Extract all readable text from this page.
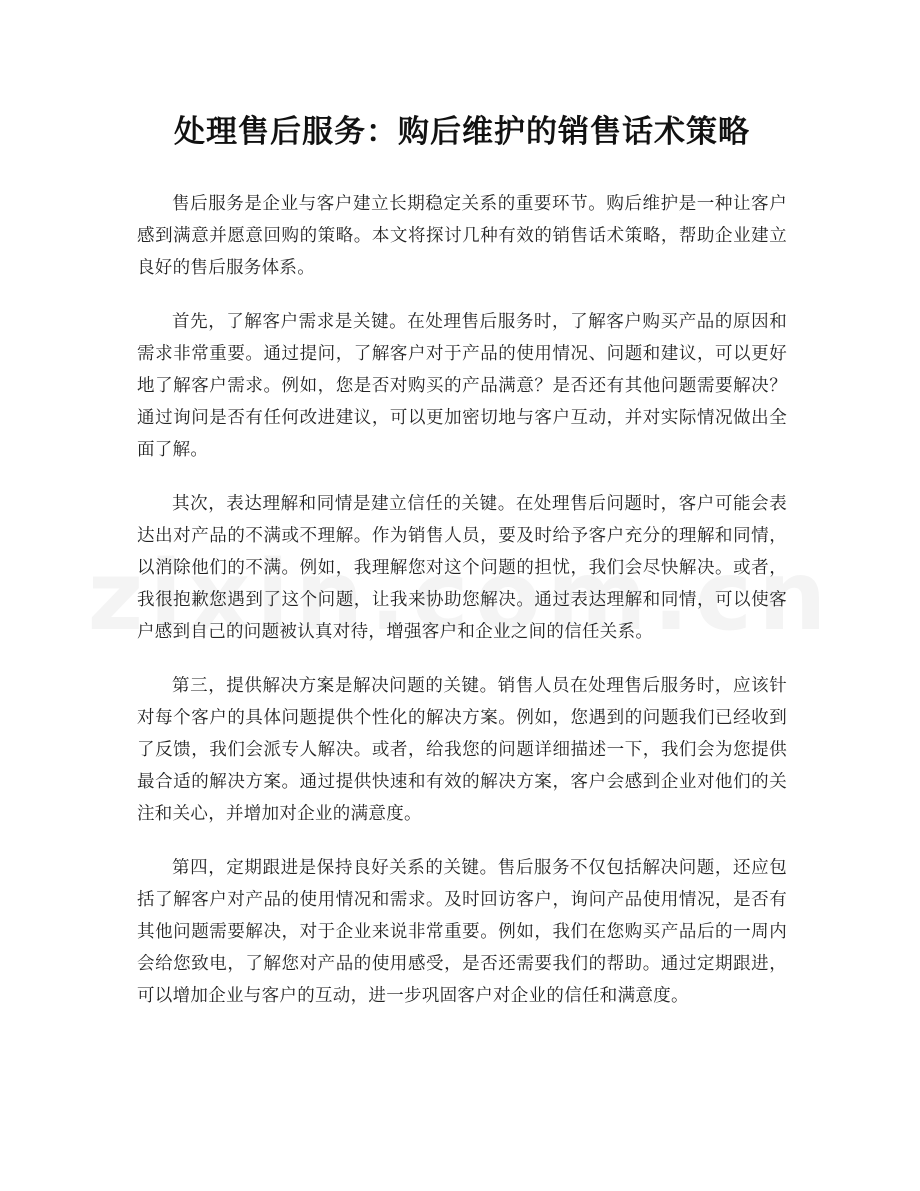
处理售后服务：购后维护的销售话术策略

售后服务是企业与客户建立长期稳定关系的重要环节。购后维护是一种让客户感到满意并愿意回购的策略。本文将探讨几种有效的销售话术策略，帮助企业建立良好的售后服务体系。

首先，了解客户需求是关键。在处理售后服务时，了解客户购买产品的原因和需求非常重要。通过提问，了解客户对于产品的使用情况、问题和建议，可以更好地了解客户需求。例如，您是否对购买的产品满意？是否还有其他问题需要解决？通过询问是否有任何改进建议，可以更加密切地与客户互动，并对实际情况做出全面了解。

其次，表达理解和同情是建立信任的关键。在处理售后问题时，客户可能会表达出对产品的不满或不理解。作为销售人员，要及时给予客户充分的理解和同情，以消除他们的不满。例如，我理解您对这个问题的担忧，我们会尽快解决。或者，我很抱歉您遇到了这个问题，让我来协助您解决。通过表达理解和同情，可以使客户感到自己的问题被认真对待，增强客户和企业之间的信任关系。

第三，提供解决方案是解决问题的关键。销售人员在处理售后服务时，应该针对每个客户的具体问题提供个性化的解决方案。例如，您遇到的问题我们已经收到了反馈，我们会派专人解决。或者，给我您的问题详细描述一下，我们会为您提供最合适的解决方案。通过提供快速和有效的解决方案，客户会感到企业对他们的关注和关心，并增加对企业的满意度。

第四，定期跟进是保持良好关系的关键。售后服务不仅包括解决问题，还应包括了解客户对产品的使用情况和需求。及时回访客户，询问产品使用情况，是否有其他问题需要解决，对于企业来说非常重要。例如，我们在您购买产品后的一周内会给您致电，了解您对产品的使用感受，是否还需要我们的帮助。通过定期跟进，可以增加企业与客户的互动，进一步巩固客户对企业的信任和满意度。
